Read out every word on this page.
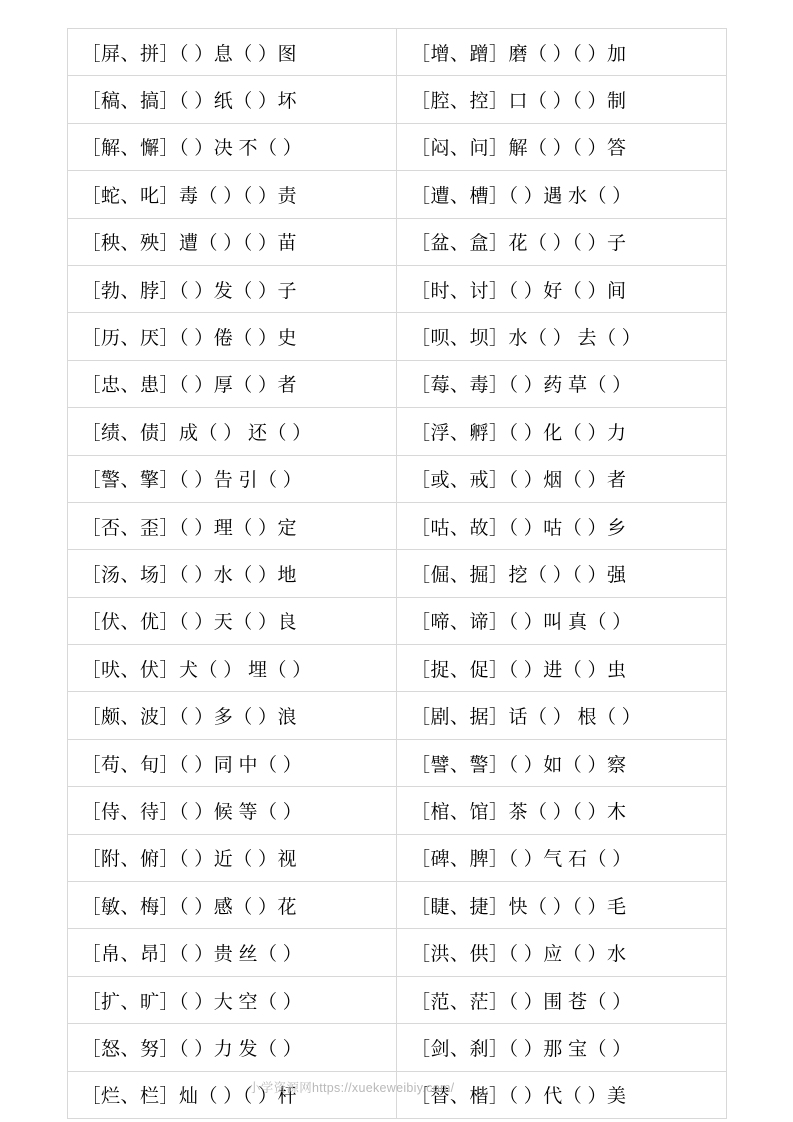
［屏、拼］（ ）息（ ）图	［增、蹭］磨（ ）（ ）加

［稿、搞］（ ）纸（ ）坏	［腔、控］口（ ）（ ）制

［解、懈］（ ）决 不（ ）	［闷、问］解（ ）（ ）答

［蛇、叱］毒（ ）（ ）责	［遭、槽］（ ）遇 水（ ）

［秧、殃］遭（ ）（ ）苗	［盆、盒］花（ ）（ ）子

［勃、脖］（ ）发（ ）子	［时、讨］（ ）好（ ）间

［历、厌］（ ）倦（ ）史	［呗、坝］水（ ） 去（ ）

［忠、患］（ ）厚（ ）者	［莓、毒］（ ）药 草（ ）

［绩、债］成（ ） 还（ ）	［浮、孵］（ ）化（ ）力

［警、擎］（ ）告 引（ ）	［或、戒］（ ）烟（ ）者

［否、歪］（ ）理（ ）定	［咕、故］（ ）咕（ ）乡

［汤、场］（ ）水（ ）地	［倔、掘］挖（ ）（ ）强

［伏、优］（ ）天（ ）良	［啼、谛］（ ）叫 真（ ）

［吠、伏］犬（ ） 埋（ ）	［捉、促］（ ）进（ ）虫

［颇、波］（ ）多（ ）浪	［剧、据］话（ ） 根（ ）

［苟、旬］（ ）同 中（ ）	［譬、警］（ ）如（ ）察

［侍、待］（ ）候 等（ ）	［棺、馆］茶（ ）（ ）木

［附、俯］（ ）近（ ）视	［碑、脾］（ ）气 石（ ）

［敏、梅］（ ）感（ ）花	［睫、捷］快（ ）（ ）毛

［帛、昂］（ ）贵 丝（ ）	［洪、供］（ ）应（ ）水

［扩、旷］（ ）大 空（ ）	［范、茫］（ ）围 苍（ ）

［怒、努］（ ）力 发（ ）	［剑、刹］（ ）那 宝（ ）

［烂、栏］灿（ ）（ ）杆	［替、楷］（ ）代（ ）美
小学资源网https://xuekeweibiy.com/
